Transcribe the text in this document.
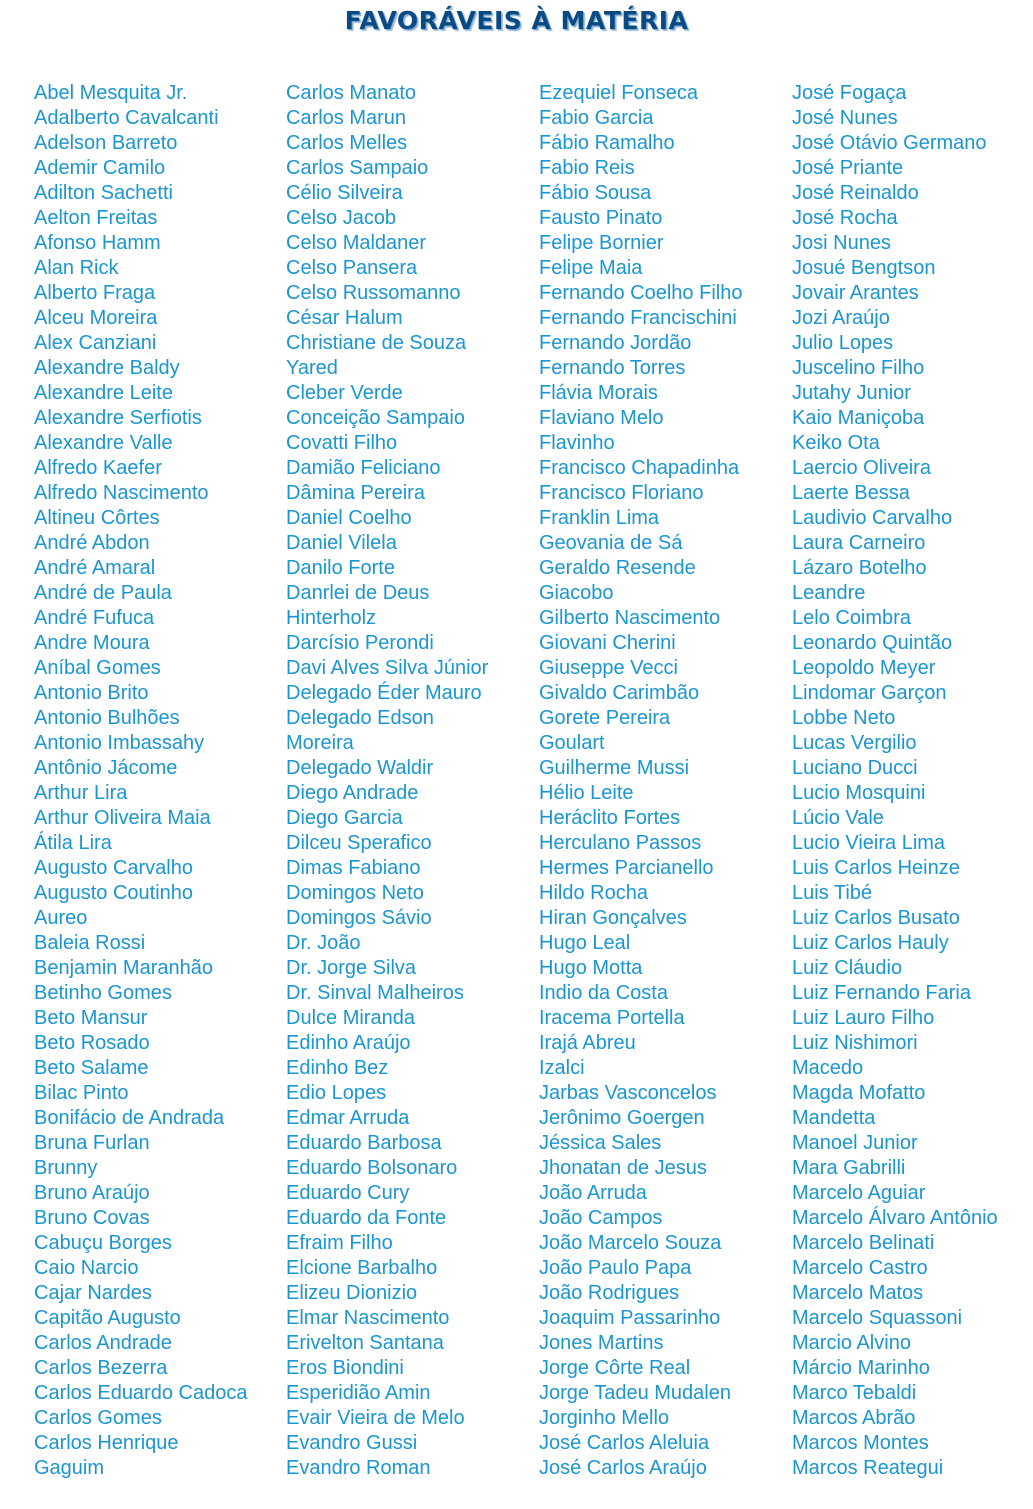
FAVORÁVEIS À MATÉRIA
Abel Mesquita Jr.
Adalberto Cavalcanti
Adelson Barreto
Ademir Camilo
Adilton Sachetti
Aelton Freitas
Afonso Hamm
Alan Rick
Alberto Fraga
Alceu Moreira
Alex Canziani
Alexandre Baldy
Alexandre Leite
Alexandre Serfiotis
Alexandre Valle
Alfredo Kaefer
Alfredo Nascimento
Altineu Côrtes
André Abdon
André Amaral
André de Paula
André Fufuca
Andre Moura
Aníbal Gomes
Antonio Brito
Antonio Bulhões
Antonio Imbassahy
Antônio Jácome
Arthur Lira
Arthur Oliveira Maia
Átila Lira
Augusto Carvalho
Augusto Coutinho
Aureo
Baleia Rossi
Benjamin Maranhão
Betinho Gomes
Beto Mansur
Beto Rosado
Beto Salame
Bilac Pinto
Bonifácio de Andrada
Bruna Furlan
Brunny
Bruno Araújo
Bruno Covas
Cabuçu Borges
Caio Narcio
Cajar Nardes
Capitão Augusto
Carlos Andrade
Carlos Bezerra
Carlos Eduardo Cadoca
Carlos Gomes
Carlos Henrique
Gaguim
Carlos Manato
Carlos Marun
Carlos Melles
Carlos Sampaio
Célio Silveira
Celso Jacob
Celso Maldaner
Celso Pansera
Celso Russomanno
César Halum
Christiane de Souza
Yared
Cleber Verde
Conceição Sampaio
Covatti Filho
Damião Feliciano
Dâmina Pereira
Daniel Coelho
Daniel Vilela
Danilo Forte
Danrlei de Deus
Hinterholz
Darcísio Perondi
Davi Alves Silva Júnior
Delegado Éder Mauro
Delegado Edson
Moreira
Delegado Waldir
Diego Andrade
Diego Garcia
Dilceu Sperafico
Dimas Fabiano
Domingos Neto
Domingos Sávio
Dr. João
Dr. Jorge Silva
Dr. Sinval Malheiros
Dulce Miranda
Edinho Araújo
Edinho Bez
Edio Lopes
Edmar Arruda
Eduardo Barbosa
Eduardo Bolsonaro
Eduardo Cury
Eduardo da Fonte
Efraim Filho
Elcione Barbalho
Elizeu Dionizio
Elmar Nascimento
Erivelton Santana
Eros Biondini
Esperidião Amin
Evair Vieira de Melo
Evandro Gussi
Evandro Roman
Ezequiel Fonseca
Fabio Garcia
Fábio Ramalho
Fabio Reis
Fábio Sousa
Fausto Pinato
Felipe Bornier
Felipe Maia
Fernando Coelho Filho
Fernando Francischini
Fernando Jordão
Fernando Torres
Flávia Morais
Flaviano Melo
Flavinho
Francisco Chapadinha
Francisco Floriano
Franklin Lima
Geovania de Sá
Geraldo Resende
Giacobo
Gilberto Nascimento
Giovani Cherini
Giuseppe Vecci
Givaldo Carimbão
Gorete Pereira
Goulart
Guilherme Mussi
Hélio Leite
Heráclito Fortes
Herculano Passos
Hermes Parcianello
Hildo Rocha
Hiran Gonçalves
Hugo Leal
Hugo Motta
Indio da Costa
Iracema Portella
Irajá Abreu
Izalci
Jarbas Vasconcelos
Jerônimo Goergen
Jéssica Sales
Jhonatan de Jesus
João Arruda
João Campos
João Marcelo Souza
João Paulo Papa
João Rodrigues
Joaquim Passarinho
Jones Martins
Jorge Côrte Real
Jorge Tadeu Mudalen
Jorginho Mello
José Carlos Aleluia
José Carlos Araújo
José Fogaça
José Nunes
José Otávio Germano
José Priante
José Reinaldo
José Rocha
Josi Nunes
Josué Bengtson
Jovair Arantes
Jozi Araújo
Julio Lopes
Juscelino Filho
Jutahy Junior
Kaio Maniçoba
Keiko Ota
Laercio Oliveira
Laerte Bessa
Laudivio Carvalho
Laura Carneiro
Lázaro Botelho
Leandre
Lelo Coimbra
Leonardo Quintão
Leopoldo Meyer
Lindomar Garçon
Lobbe Neto
Lucas Vergilio
Luciano Ducci
Lucio Mosquini
Lúcio Vale
Lucio Vieira Lima
Luis Carlos Heinze
Luis Tibé
Luiz Carlos Busato
Luiz Carlos Hauly
Luiz Cláudio
Luiz Fernando Faria
Luiz Lauro Filho
Luiz Nishimori
Macedo
Magda Mofatto
Mandetta
Manoel Junior
Mara Gabrilli
Marcelo Aguiar
Marcelo Álvaro Antônio
Marcelo Belinati
Marcelo Castro
Marcelo Matos
Marcelo Squassoni
Marcio Alvino
Márcio Marinho
Marco Tebaldi
Marcos Abrão
Marcos Montes
Marcos Reategui
